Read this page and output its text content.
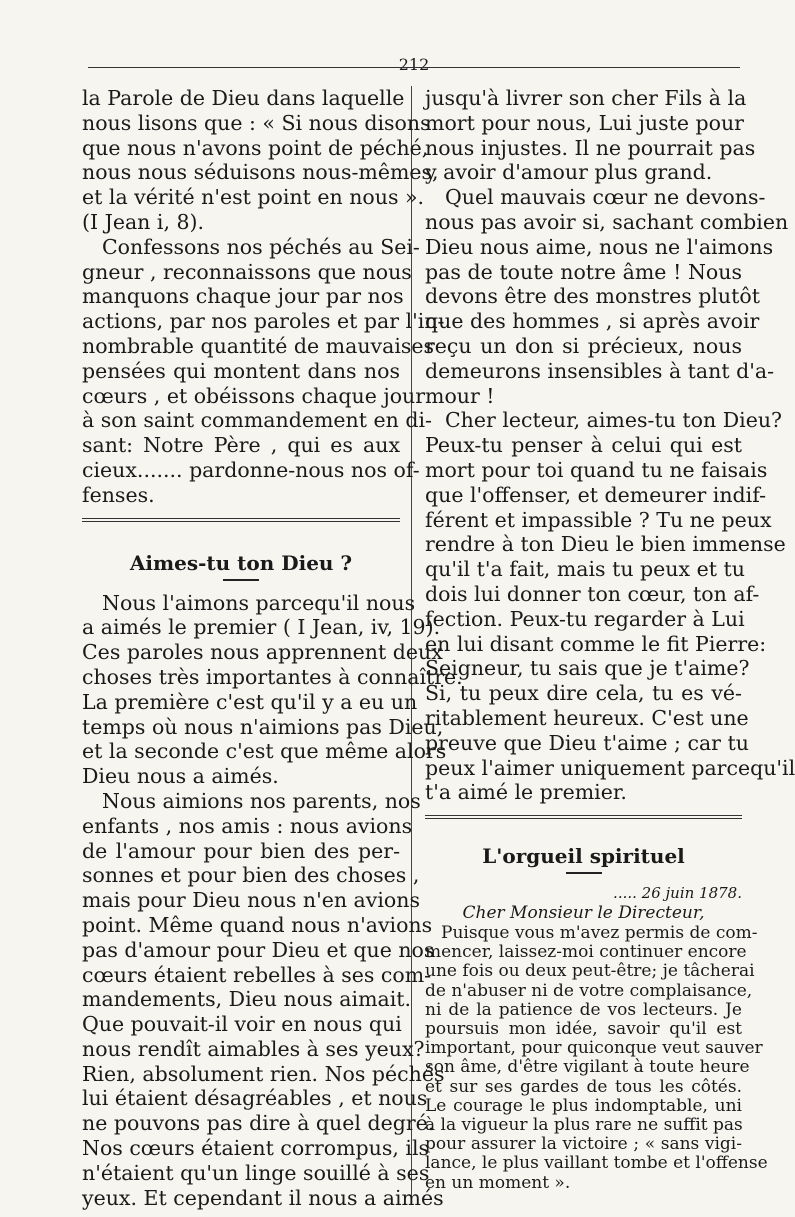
212
la Parole de Dieu dans laquelle
nous lisons que : « Si nous disons
que nous n'avons point de péché,
nous nous séduisons nous-mêmes,
et la vérité n'est point en nous ».
(I Jean i, 8).
Confessons nos péchés au Sei-
gneur , reconnaissons que nous
manquons chaque jour par nos
actions, par nos paroles et par l'in-
nombrable quantité de mauvaises
pensées qui montent dans nos
cœurs , et obéissons chaque jour
à son saint commandement en di-
sant: Notre Père , qui es aux
cieux....... pardonne-nous nos of-
fenses.
Aimes-tu ton Dieu ?
Nous l'aimons parcequ'il nous
a aimés le premier ( I Jean, iv, 19).
Ces paroles nous apprennent deux
choses très importantes à connaître.
La première c'est qu'il y a eu un
temps où nous n'aimions pas Dieu,
et la seconde c'est que même alors
Dieu nous a aimés.
Nous aimions nos parents, nos
enfants , nos amis : nous avions
de l'amour pour bien des per-
sonnes et pour bien des choses ,
mais pour Dieu nous n'en avions
point. Même quand nous n'avions
pas d'amour pour Dieu et que nos
cœurs étaient rebelles à ses com-
mandements, Dieu nous aimait.
Que pouvait-il voir en nous qui
nous rendît aimables à ses yeux?
Rien, absolument rien. Nos péchés
lui étaient désagréables , et nous
ne pouvons pas dire à quel degré.
Nos cœurs étaient corrompus, ils
n'étaient qu'un linge souillé à ses
yeux. Et cependant il nous a aimés
jusqu'à livrer son cher Fils à la
mort pour nous, Lui juste pour
nous injustes. Il ne pourrait pas
y avoir d'amour plus grand.
Quel mauvais cœur ne devons-
nous pas avoir si, sachant combien
Dieu nous aime, nous ne l'aimons
pas de toute notre âme ! Nous
devons être des monstres plutôt
que des hommes , si après avoir
reçu un don si précieux, nous
demeurons insensibles à tant d'a-
mour !
Cher lecteur, aimes-tu ton Dieu?
Peux-tu penser à celui qui est
mort pour toi quand tu ne faisais
que l'offenser, et demeurer indif-
férent et impassible ? Tu ne peux
rendre à ton Dieu le bien immense
qu'il t'a fait, mais tu peux et tu
dois lui donner ton cœur, ton af-
fection. Peux-tu regarder à Lui
en lui disant comme le fit Pierre:
Seigneur, tu sais que je t'aime?
Si, tu peux dire cela, tu es vé-
ritablement heureux. C'est une
preuve que Dieu t'aime ; car tu
peux l'aimer uniquement parcequ'il
t'a aimé le premier.
L'orgueil spirituel
..... 26 juin 1878.
Cher Monsieur le Directeur,
Puisque vous m'avez permis de com-
mencer, laissez-moi continuer encore
une fois ou deux peut-être; je tâcherai
de n'abuser ni de votre complaisance,
ni de la patience de vos lecteurs. Je
poursuis mon idée, savoir qu'il est
important, pour quiconque veut sauver
son âme, d'être vigilant à toute heure
et sur ses gardes de tous les côtés.
Le courage le plus indomptable, uni
à la vigueur la plus rare ne suffit pas
pour assurer la victoire ; « sans vigi-
lance, le plus vaillant tombe et l'offense
en un moment ».
